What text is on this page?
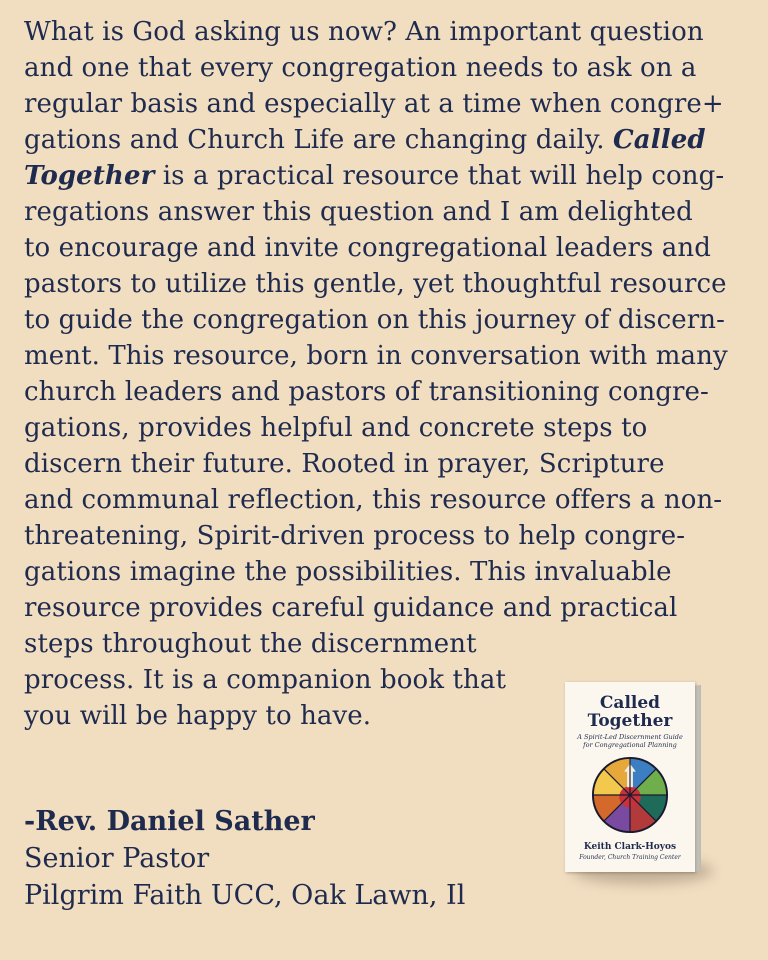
What is God asking us now? An important question
and one that every congregation needs to ask on a
regular basis and especially at a time when congre+
gations and Church Life are changing daily. Called
Together is a practical resource that will help cong-
regations answer this question and I am delighted
to encourage and invite congregational leaders and
pastors to utilize this gentle, yet thoughtful resource
to guide the congregation on this journey of discern-
ment. This resource, born in conversation with many
church leaders and pastors of transitioning congre-
gations, provides helpful and concrete steps to
discern their future. Rooted in prayer, Scripture
and communal reflection, this resource offers a non-
threatening, Spirit-driven process to help congre-
gations imagine the possibilities. This invaluable
resource provides careful guidance and practical
steps throughout the discernment
process. It is a companion book that
you will be happy to have.
-Rev. Daniel Sather
Senior Pastor
Pilgrim Faith UCC, Oak Lawn, Il
Called
Together
A Spirit-Led Discernment Guide
for Congregational Planning
Keith Clark-Hoyos
Founder, Church Training Center
